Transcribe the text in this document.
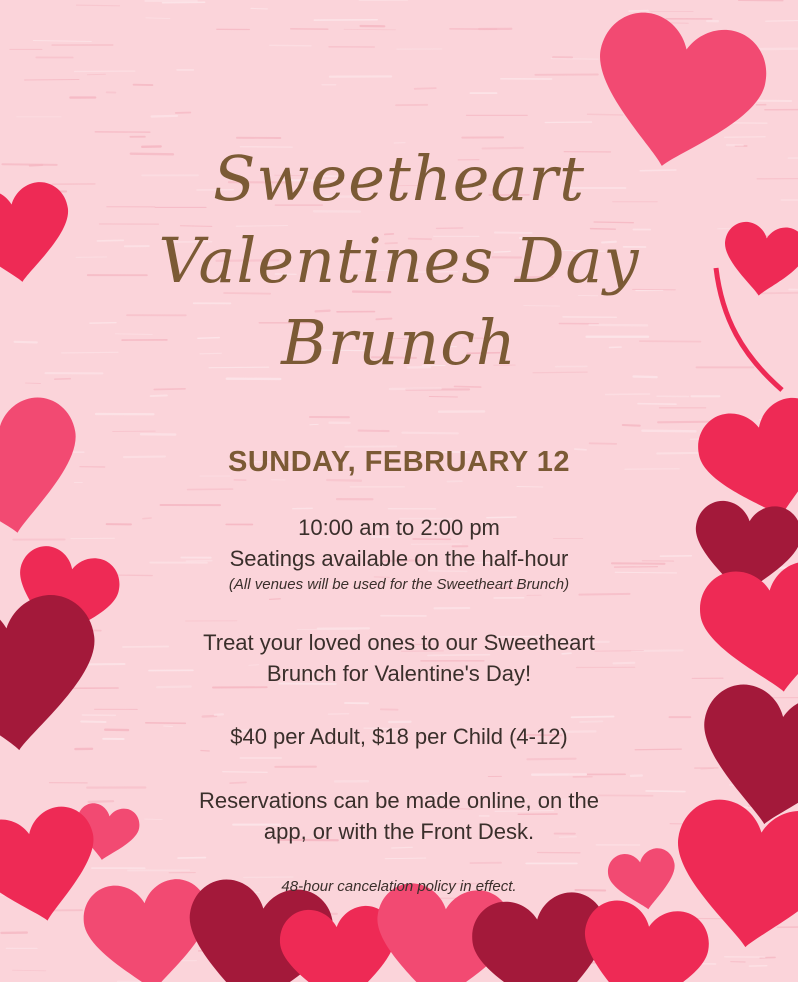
Sweetheart
Valentines Day
Brunch
SUNDAY, FEBRUARY 12
10:00 am to 2:00 pm
Seatings available on the half-hour
(All venues will be used for the Sweetheart Brunch)
Treat your loved ones to our Sweetheart
Brunch for Valentine's Day!
$40 per Adult, $18 per Child (4-12)
Reservations can be made online, on the
app, or with the Front Desk.
48-hour cancelation policy in effect.
